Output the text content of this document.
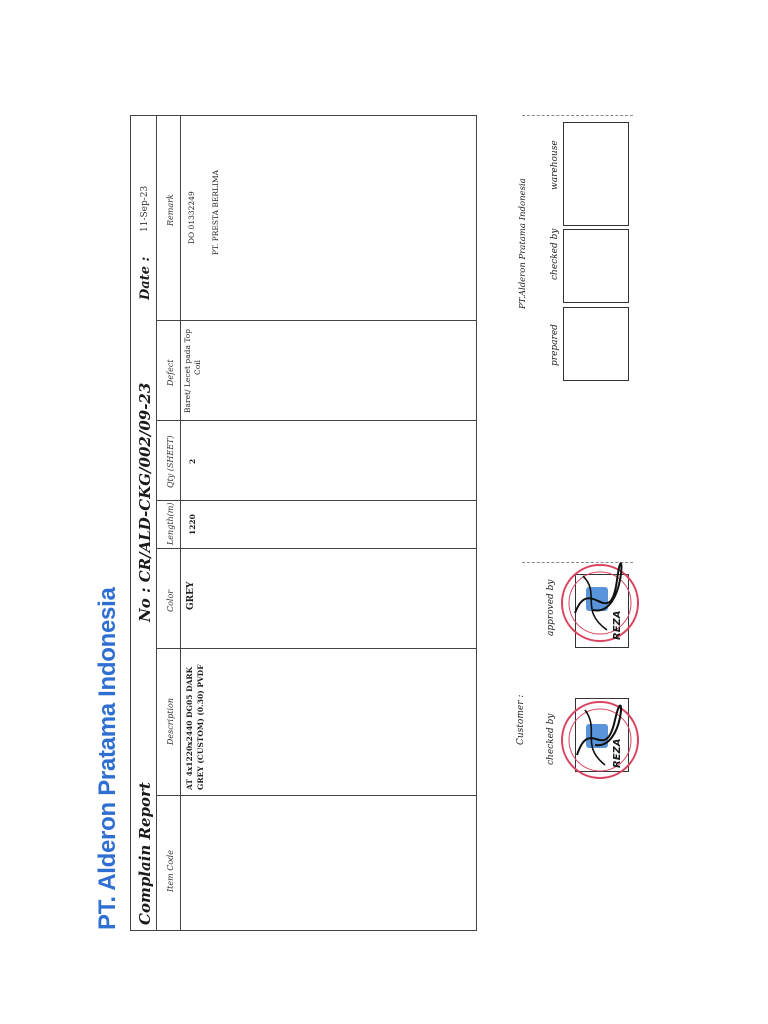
PT. Alderon Pratama Indonesia Complain Report
No : CR/ALD-CKG/002/09-23
Date :
11-Sep-23
Item Code
Description
Color
Length(m)
Qty (SHEET)
Defect
Remark
AT 4x1220x2440 DG05 DARK GREY (CUSTOM) (0.30) PVDF
GREY
1220
2
Baret/ Lecet pada Top Coil
DO 01332249 PT. PRESTA BERLIMA
Customer : checked by
approved by
REZA
REZA
PT.Alderon Pratama Indonesia
prepared
checked by
warehouse
